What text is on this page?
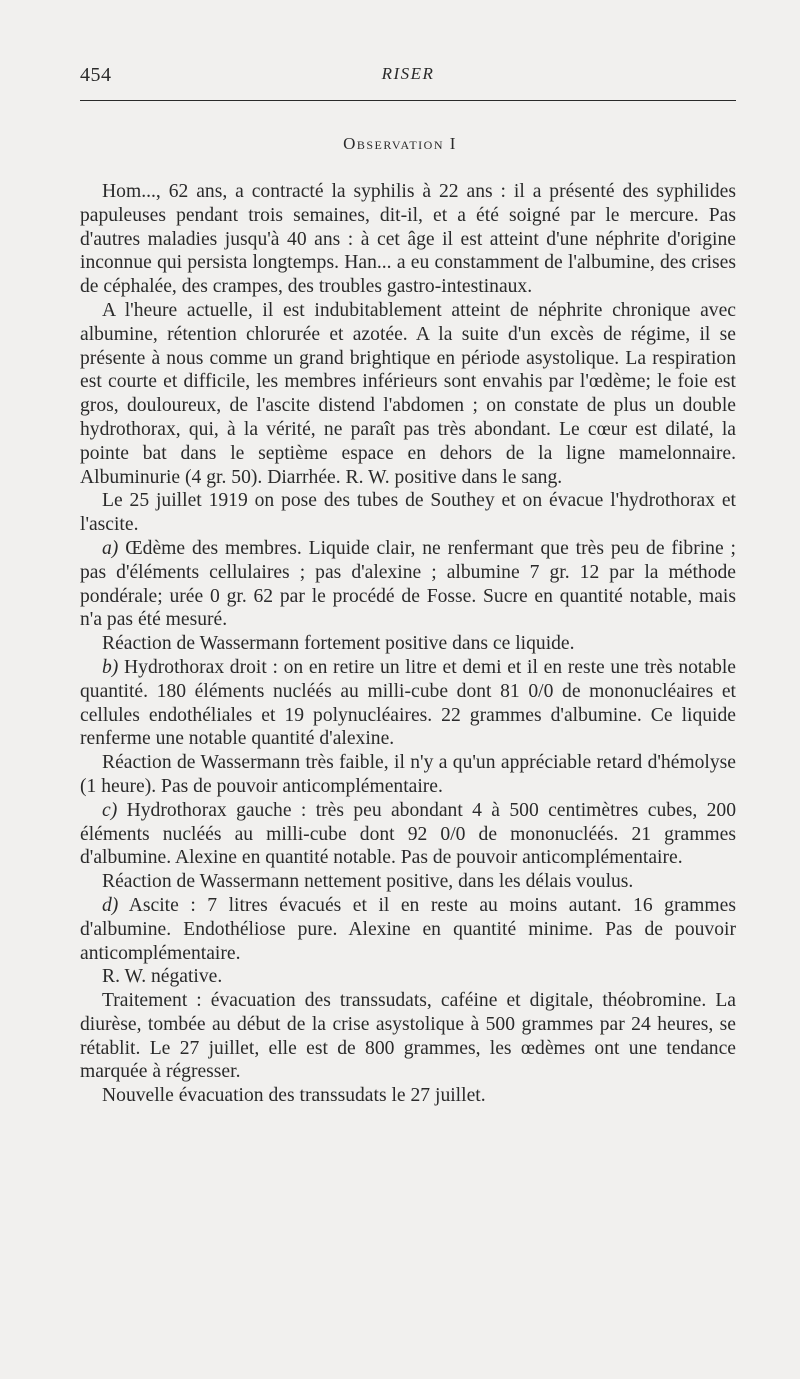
454	RISER
Observation I

Hom..., 62 ans, a contracté la syphilis à 22 ans : il a présenté des syphilides papuleuses pendant trois semaines, dit-il, et a été soigné par le mercure. Pas d'autres maladies jusqu'à 40 ans : à cet âge il est atteint d'une néphrite d'origine inconnue qui persista longtemps. Han... a eu constamment de l'albumine, des crises de céphalée, des crampes, des troubles gastro-intestinaux.

A l'heure actuelle, il est indubitablement atteint de néphrite chronique avec albumine, rétention chlorurée et azotée. A la suite d'un excès de régime, il se présente à nous comme un grand brightique en période asystolique. La respiration est courte et difficile, les membres inférieurs sont envahis par l'œdème; le foie est gros, douloureux, de l'ascite distend l'abdomen ; on constate de plus un double hydrothorax, qui, à la vérité, ne paraît pas très abondant. Le cœur est dilaté, la pointe bat dans le septième espace en dehors de la ligne mamelonnaire. Albuminurie (4 gr. 50). Diarrhée. R. W. positive dans le sang.

Le 25 juillet 1919 on pose des tubes de Southey et on évacue l'hydrothorax et l'ascite.

a) Œdème des membres. Liquide clair, ne renfermant que très peu de fibrine ; pas d'éléments cellulaires ; pas d'alexine ; albumine 7 gr. 12 par la méthode pondérale; urée 0 gr. 62 par le procédé de Fosse. Sucre en quantité notable, mais n'a pas été mesuré.

Réaction de Wassermann fortement positive dans ce liquide.

b) Hydrothorax droit : on en retire un litre et demi et il en reste une très notable quantité. 180 éléments nucléés au milli-cube dont 81 0/0 de mononucléaires et cellules endothéliales et 19 polynucléaires. 22 grammes d'albumine. Ce liquide renferme une notable quantité d'alexine.

Réaction de Wassermann très faible, il n'y a qu'un appréciable retard d'hémolyse (1 heure). Pas de pouvoir anticomplémentaire.

c) Hydrothorax gauche : très peu abondant 4 à 500 centimètres cubes, 200 éléments nucléés au milli-cube dont 92 0/0 de mononucléés. 21 grammes d'albumine. Alexine en quantité notable. Pas de pouvoir anticomplémentaire.

Réaction de Wassermann nettement positive, dans les délais voulus.

d) Ascite : 7 litres évacués et il en reste au moins autant. 16 grammes d'albumine. Endothéliose pure. Alexine en quantité minime. Pas de pouvoir anticomplémentaire.

R. W. négative.

Traitement : évacuation des transsudats, caféine et digitale, théobromine. La diurèse, tombée au début de la crise asystolique à 500 grammes par 24 heures, se rétablit. Le 27 juillet, elle est de 800 grammes, les œdèmes ont une tendance marquée à régresser.

Nouvelle évacuation des transsudats le 27 juillet.
